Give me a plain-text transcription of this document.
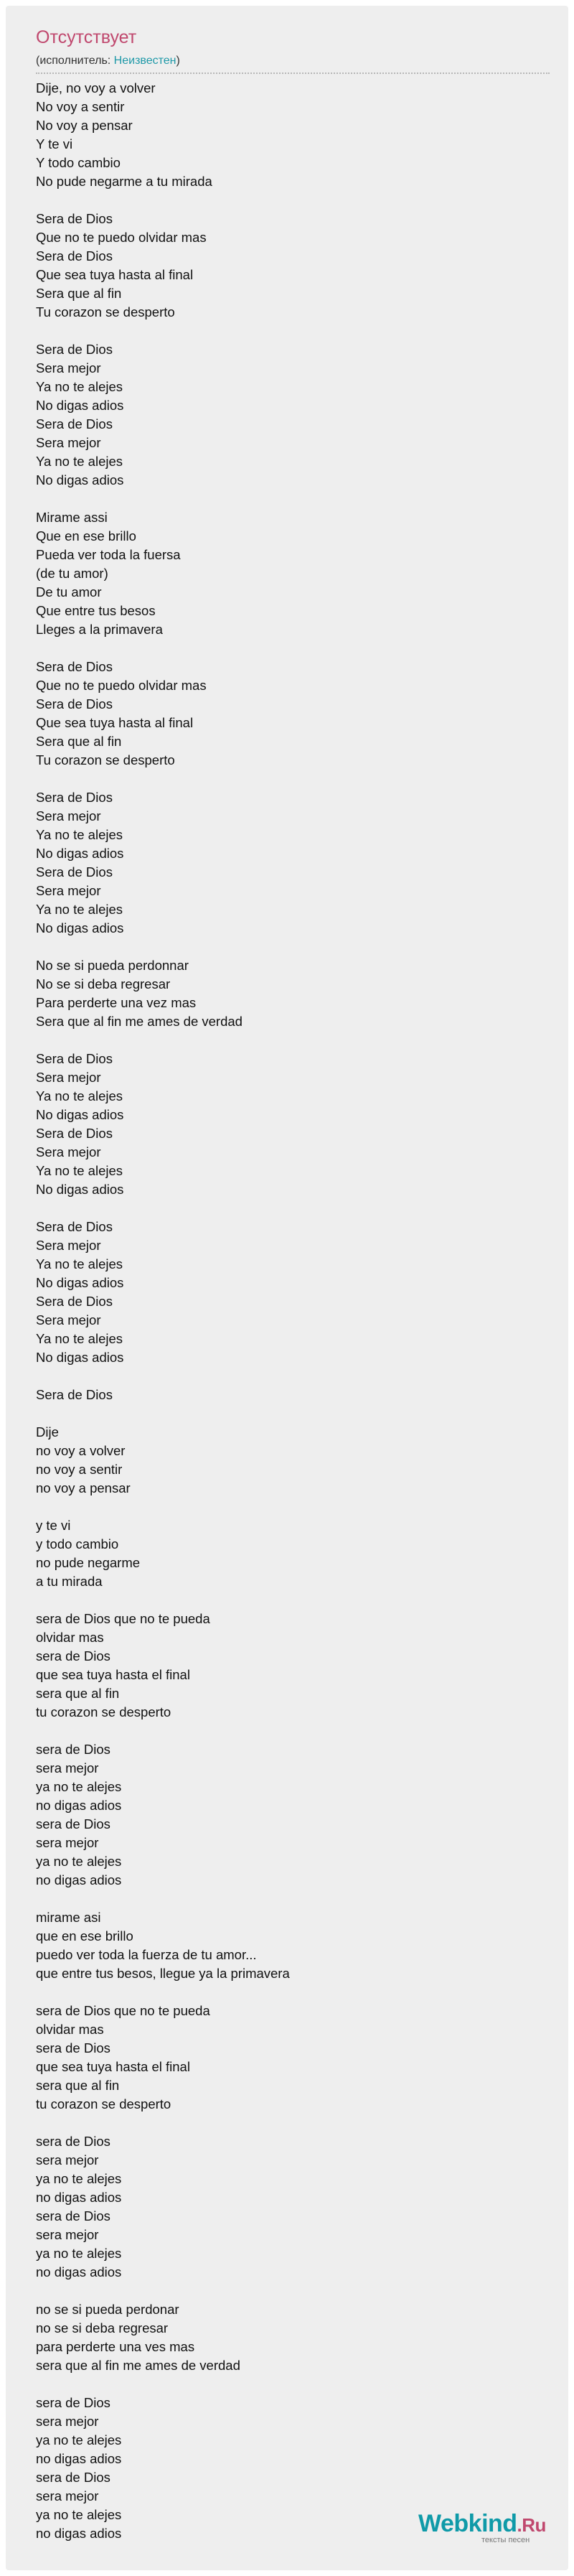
Отсутствует
(исполнитель: Неизвестен)
Dije, no voy a volver
No voy a sentir
No voy a pensar
Y te vi
Y todo cambio
No pude negarme a tu mirada
Sera de Dios
Que no te puedo olvidar mas
Sera de Dios
Que sea tuya hasta al final
Sera que al fin
Tu corazon se desperto
Sera de Dios
Sera mejor
Ya no te alejes
No digas adios
Sera de Dios
Sera mejor
Ya no te alejes
No digas adios
Mirame assi
Que en ese brillo
Pueda ver toda la fuersa
(de tu amor)
De tu amor
Que entre tus besos
Lleges a la primavera
Sera de Dios
Que no te puedo olvidar mas
Sera de Dios
Que sea tuya hasta al final
Sera que al fin
Tu corazon se desperto
Sera de Dios
Sera mejor
Ya no te alejes
No digas adios
Sera de Dios
Sera mejor
Ya no te alejes
No digas adios
No se si pueda perdonnar
No se si deba regresar
Para perderte una vez mas
Sera que al fin me ames de verdad
Sera de Dios
Sera mejor
Ya no te alejes
No digas adios
Sera de Dios
Sera mejor
Ya no te alejes
No digas adios
Sera de Dios
Sera mejor
Ya no te alejes
No digas adios
Sera de Dios
Sera mejor
Ya no te alejes
No digas adios
Sera de Dios
Dije
no voy a volver
no voy a sentir
no voy a pensar
y te vi
y todo cambio
no pude negarme
a tu mirada
sera de Dios que no te pueda
olvidar mas
sera de Dios
que sea tuya hasta el final
sera que al fin
tu corazon se desperto
sera de Dios
sera mejor
ya no te alejes
no digas adios
sera de Dios
sera mejor
ya no te alejes
no digas adios
mirame asi
que en ese brillo
puedo ver toda la fuerza de tu amor...
que entre tus besos, llegue ya la primavera
sera de Dios que no te pueda
olvidar mas
sera de Dios
que sea tuya hasta el final
sera que al fin
tu corazon se desperto
sera de Dios
sera mejor
ya no te alejes
no digas adios
sera de Dios
sera mejor
ya no te alejes
no digas adios
no se si pueda perdonar
no se si deba regresar
para perderte una ves mas
sera que al fin me ames de verdad
sera de Dios
sera mejor
ya no te alejes
no digas adios
sera de Dios
sera mejor
ya no te alejes
no digas adios	Webkind.Ru
тексты песен
